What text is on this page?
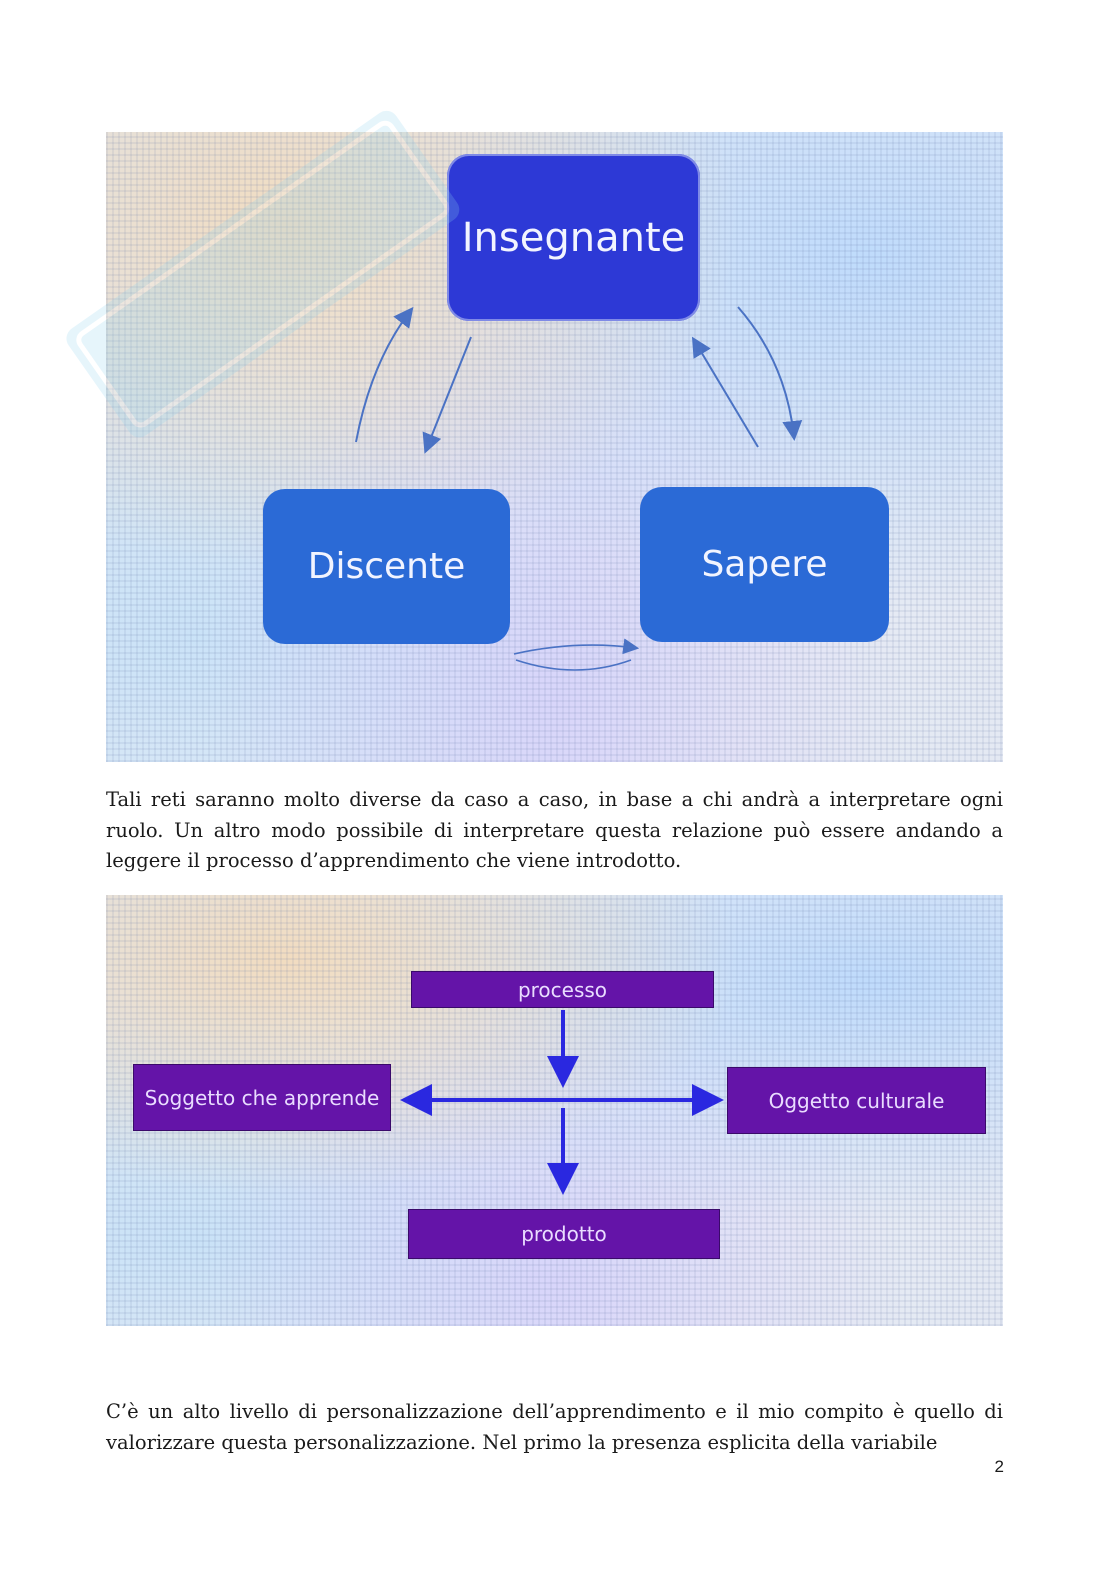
Insegnante
Discente	Sapere

Tali reti saranno molto diverse da caso a caso, in base a chi andrà a interpretare ogni ruolo. Un altro modo possibile di interpretare questa relazione può essere andando a leggere il processo d’apprendimento che viene introdotto.

processo
Soggetto che apprende	Oggetto culturale
prodotto

C’è un alto livello di personalizzazione dell’apprendimento e il mio compito è quello di valorizzare questa personalizzazione. Nel primo la presenza esplicita della variabile

2
